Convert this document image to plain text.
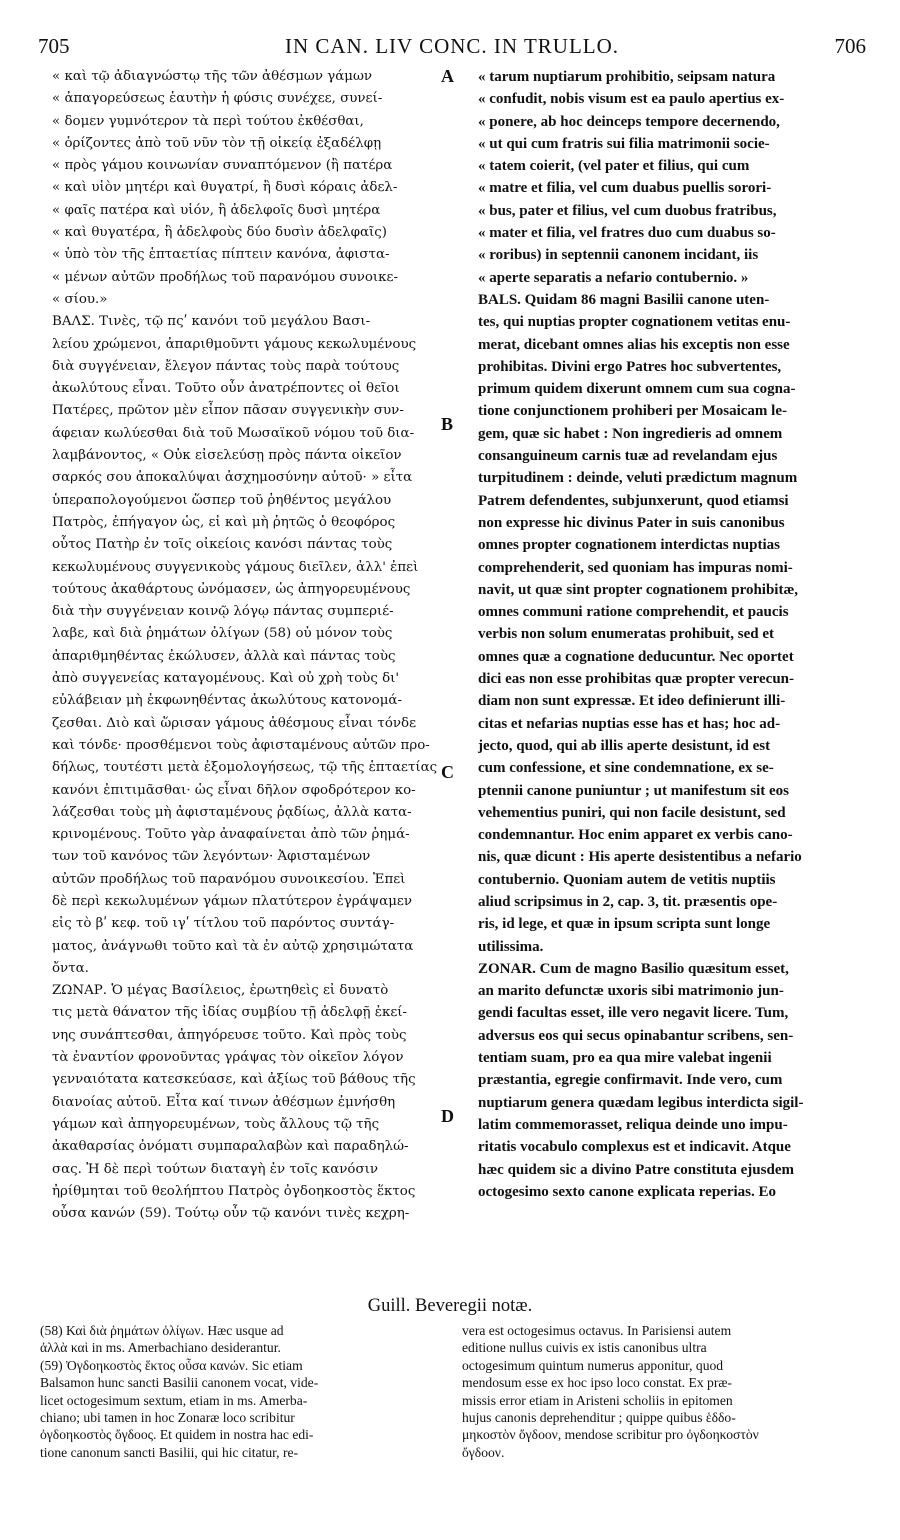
705	IN CAN. LIV CONC. IN TRULLO.	706
« καὶ τῷ ἀδιαγνώστῳ τῆς τῶν ἀθέσμων γάμων
« ἀπαγορεύσεως ἑαυτὴν ἡ φύσις συνέχεε, συνεί-
« δομεν γυμνότερον τὰ περὶ τούτου ἐκθέσθαι,
« ὁρίζοντες ἀπὸ τοῦ νῦν τὸν τῇ οἰκείᾳ ἐξαδέλφῃ
« πρὸς γάμου κοινωνίαν συναπτόμενον (ἢ πατέρα
« καὶ υἱὸν μητέρι καὶ θυγατρί, ἢ δυσὶ κόραις ἀδελ-
« φαῖς πατέρα καὶ υἱόν, ἢ ἀδελφοῖς δυσὶ μητέρα
« καὶ θυγατέρα, ἢ ἀδελφοὺς δύο δυσὶν ἀδελφαῖς)
« ὑπὸ τὸν τῆς ἑπταετίας πίπτειν κανόνα, ἀφιστα-
« μένων αὐτῶν προδήλως τοῦ παρανόμου συνοικε-
« σίου.»
ΒΑΛΣ. Τινὲς, τῷ πςʹ κανόνι τοῦ μεγάλου Βασι-
λείου χρώμενοι, ἀπαριθμοῦντι γάμους κεκωλυμένους
διὰ συγγένειαν, ἔλεγον πάντας τοὺς παρὰ τούτους
ἀκωλύτους εἶναι. Τοῦτο οὖν ἀνατρέποντες οἱ θεῖοι
Πατέρες, πρῶτον μὲν εἶπον πᾶσαν συγγενικὴν συν-
άφειαν κωλύεσθαι διὰ τοῦ Μωσαϊκοῦ νόμου τοῦ δια-
λαμβάνοντος, « Οὐκ εἰσελεύσῃ πρὸς πάντα οἰκεῖον
σαρκός σου ἀποκαλύψαι ἀσχημοσύνην αὐτοῦ· » εἶτα
ὑπεραπολογούμενοι ὥσπερ τοῦ ῥηθέντος μεγάλου
Πατρὸς, ἐπήγαγον ὡς, εἰ καὶ μὴ ῥητῶς ὁ θεοφόρος
οὗτος Πατὴρ ἐν τοῖς οἰκείοις κανόσι πάντας τοὺς
κεκωλυμένους συγγενικοὺς γάμους διεῖλεν, ἀλλ' ἐπεὶ
τούτους ἀκαθάρτους ὠνόμασεν, ὡς ἀπηγορευμένους
διὰ τὴν συγγένειαν κοινῷ λόγῳ πάντας συμπεριέ-
λαβε, καὶ διὰ ῥημάτων ὀλίγων (58) οὐ μόνον τοὺς
ἀπαριθμηθέντας ἐκώλυσεν, ἀλλὰ καὶ πάντας τοὺς
ἀπὸ συγγενείας καταγομένους. Καὶ οὐ χρὴ τοὺς δι'
εὐλάβειαν μὴ ἐκφωνηθέντας ἀκωλύτους κατονομά-
ζεσθαι. Διὸ καὶ ὥρισαν γάμους ἀθέσμους εἶναι τόνδε
καὶ τόνδε· προσθέμενοι τοὺς ἀφισταμένους αὐτῶν προ-
δήλως, τουτέστι μετὰ ἐξομολογήσεως, τῷ τῆς ἑπταετίας
κανόνι ἐπιτιμᾶσθαι· ὡς εἶναι δῆλον σφοδρότερον κο-
λάζεσθαι τοὺς μὴ ἀφισταμένους ῥᾳδίως, ἀλλὰ κατα-
κρινομένους. Τοῦτο γὰρ ἀναφαίνεται ἀπὸ τῶν ῥημά-
των τοῦ κανόνος τῶν λεγόντων· Ἀφισταμένων
αὐτῶν προδήλως τοῦ παρανόμου συνοικεσίου. Ἐπεὶ
δὲ περὶ κεκωλυμένων γάμων πλατύτερον ἐγράψαμεν
εἰς τὸ βʹ κεφ. τοῦ ιγʹ τίτλου τοῦ παρόντος συντάγ-
ματος, ἀνάγνωθι τοῦτο καὶ τὰ ἐν αὐτῷ χρησιμώτατα
ὄντα.
ΖΩΝΑΡ. Ὁ μέγας Βασίλειος, ἐρωτηθεὶς εἰ δυνατὸ
τις μετὰ θάνατον τῆς ἰδίας συμβίου τῇ ἀδελφῇ ἐκεί-
νης συνάπτεσθαι, ἀπηγόρευσε τοῦτο. Καὶ πρὸς τοὺς
τὰ ἐναντίον φρονοῦντας γράψας τὸν οἰκεῖον λόγον
γενναιότατα κατεσκεύασε, καὶ ἀξίως τοῦ βάθους τῆς
διανοίας αὐτοῦ. Εἶτα καί τινων ἀθέσμων ἐμνήσθη
γάμων καὶ ἀπηγορευμένων, τοὺς ἄλλους τῷ τῆς
ἀκαθαρσίας ὀνόματι συμπαραλαβὼν καὶ παραδηλώ-
σας. Ἡ δὲ περὶ τούτων διαταγὴ ἐν τοῖς κανόσιν
ἠρίθμηται τοῦ θεολήπτου Πατρὸς ὀγδοηκοστὸς ἕκτος
οὖσα κανών (59). Τούτῳ οὖν τῷ κανόνι τινὲς κεχρη-
« tarum nuptiarum prohibitio, seipsam natura
« confudit, nobis visum est ea paulo apertius ex-
« ponere, ab hoc deinceps tempore decernendo,
« ut qui cum fratris sui filia matrimonii socie-
« tatem coierit, (vel pater et filius, qui cum
« matre et filia, vel cum duabus puellis sorori-
« bus, pater et filius, vel cum duobus fratribus,
« mater et filia, vel fratres duo cum duabus so-
« roribus) in septennii canonem incidant, iis
« aperte separatis a nefario contubernio. »
BALS. Quidam 86 magni Basilii canone uten-
tes, qui nuptias propter cognationem vetitas enu-
merat, dicebant omnes alias his exceptis non esse
prohibitas. Divini ergo Patres hoc subvertentes,
primum quidem dixerunt omnem cum sua cogna-
tione conjunctionem prohiberi per Mosaicam le-
gem, quæ sic habet : Non ingredieris ad omnem
consanguineum carnis tuæ ad revelandam ejus
turpitudinem : deinde, veluti prædictum magnum
Patrem defendentes, subjunxerunt, quod etiamsi
non expresse hic divinus Pater in suis canonibus
omnes propter cognationem interdictas nuptias
comprehenderit, sed quoniam has impuras nomi-
navit, ut quæ sint propter cognationem prohibitæ,
omnes communi ratione comprehendit, et paucis
verbis non solum enumeratas prohibuit, sed et
omnes quæ a cognatione deducuntur. Nec oportet
dici eas non esse prohibitas quæ propter verecun-
diam non sunt expressæ. Et ideo definierunt illi-
citas et nefarias nuptias esse has et has; hoc ad-
jecto, quod, qui ab illis aperte desistunt, id est
cum confessione, et sine condemnatione, ex se-
ptennii canone puniuntur ; ut manifestum sit eos
vehementius puniri, qui non facile desistunt, sed
condemnantur. Hoc enim apparet ex verbis cano-
nis, quæ dicunt : His aperte desistentibus a nefario
contubernio. Quoniam autem de vetitis nuptiis
aliud scripsimus in 2, cap. 3, tit. præsentis ope-
ris, id lege, et quæ in ipsum scripta sunt longe
utilissima.
ZONAR. Cum de magno Basilio quæsitum esset,
an marito defunctæ uxoris sibi matrimonio jun-
gendi facultas esset, ille vero negavit licere. Tum,
adversus eos qui secus opinabantur scribens, sen-
tentiam suam, pro ea qua mire valebat ingenii
præstantia, egregie confirmavit. Inde vero, cum
nuptiarum genera quædam legibus interdicta sigil-
latim commemorasset, reliqua deinde uno impu-
ritatis vocabulo complexus est et indicavit. Atque
hæc quidem sic a divino Patre constituta ejusdem
octogesimo sexto canone explicata reperias. Eo
A
B
C
D
Guill. Beveregii notæ.

(58) Καὶ διὰ ῥημάτων ὀλίγων. Hæc usque ad

ἀλλὰ καὶ in ms. Amerbachiano desiderantur.

(59) Ὀγδοηκοστὸς ἕκτος οὖσα κανών. Sic etiam

Balsamon hunc sancti Basilii canonem vocat, vide-

licet octogesimum sextum, etiam in ms. Amerba-

chiano; ubi tamen in hoc Zonaræ loco scribitur

ὀγδοηκοστὸς ὄγδοος. Et quidem in nostra hac edi-

tione canonum sancti Basilii, qui hic citatur, re-

vera est octogesimus octavus. In Parisiensi autem

editione nullus cuivis ex istis canonibus ultra

octogesimum quintum numerus apponitur, quod

mendosum esse ex hoc ipso loco constat. Ex præ-

missis error etiam in Aristeni scholiis in epitomen

hujus canonis deprehenditur ; quippe quibus ἑδδο-

μηκοστὸν ὄγδοον, mendose scribitur pro ὀγδοηκοστὸν

ὄγδοον.
